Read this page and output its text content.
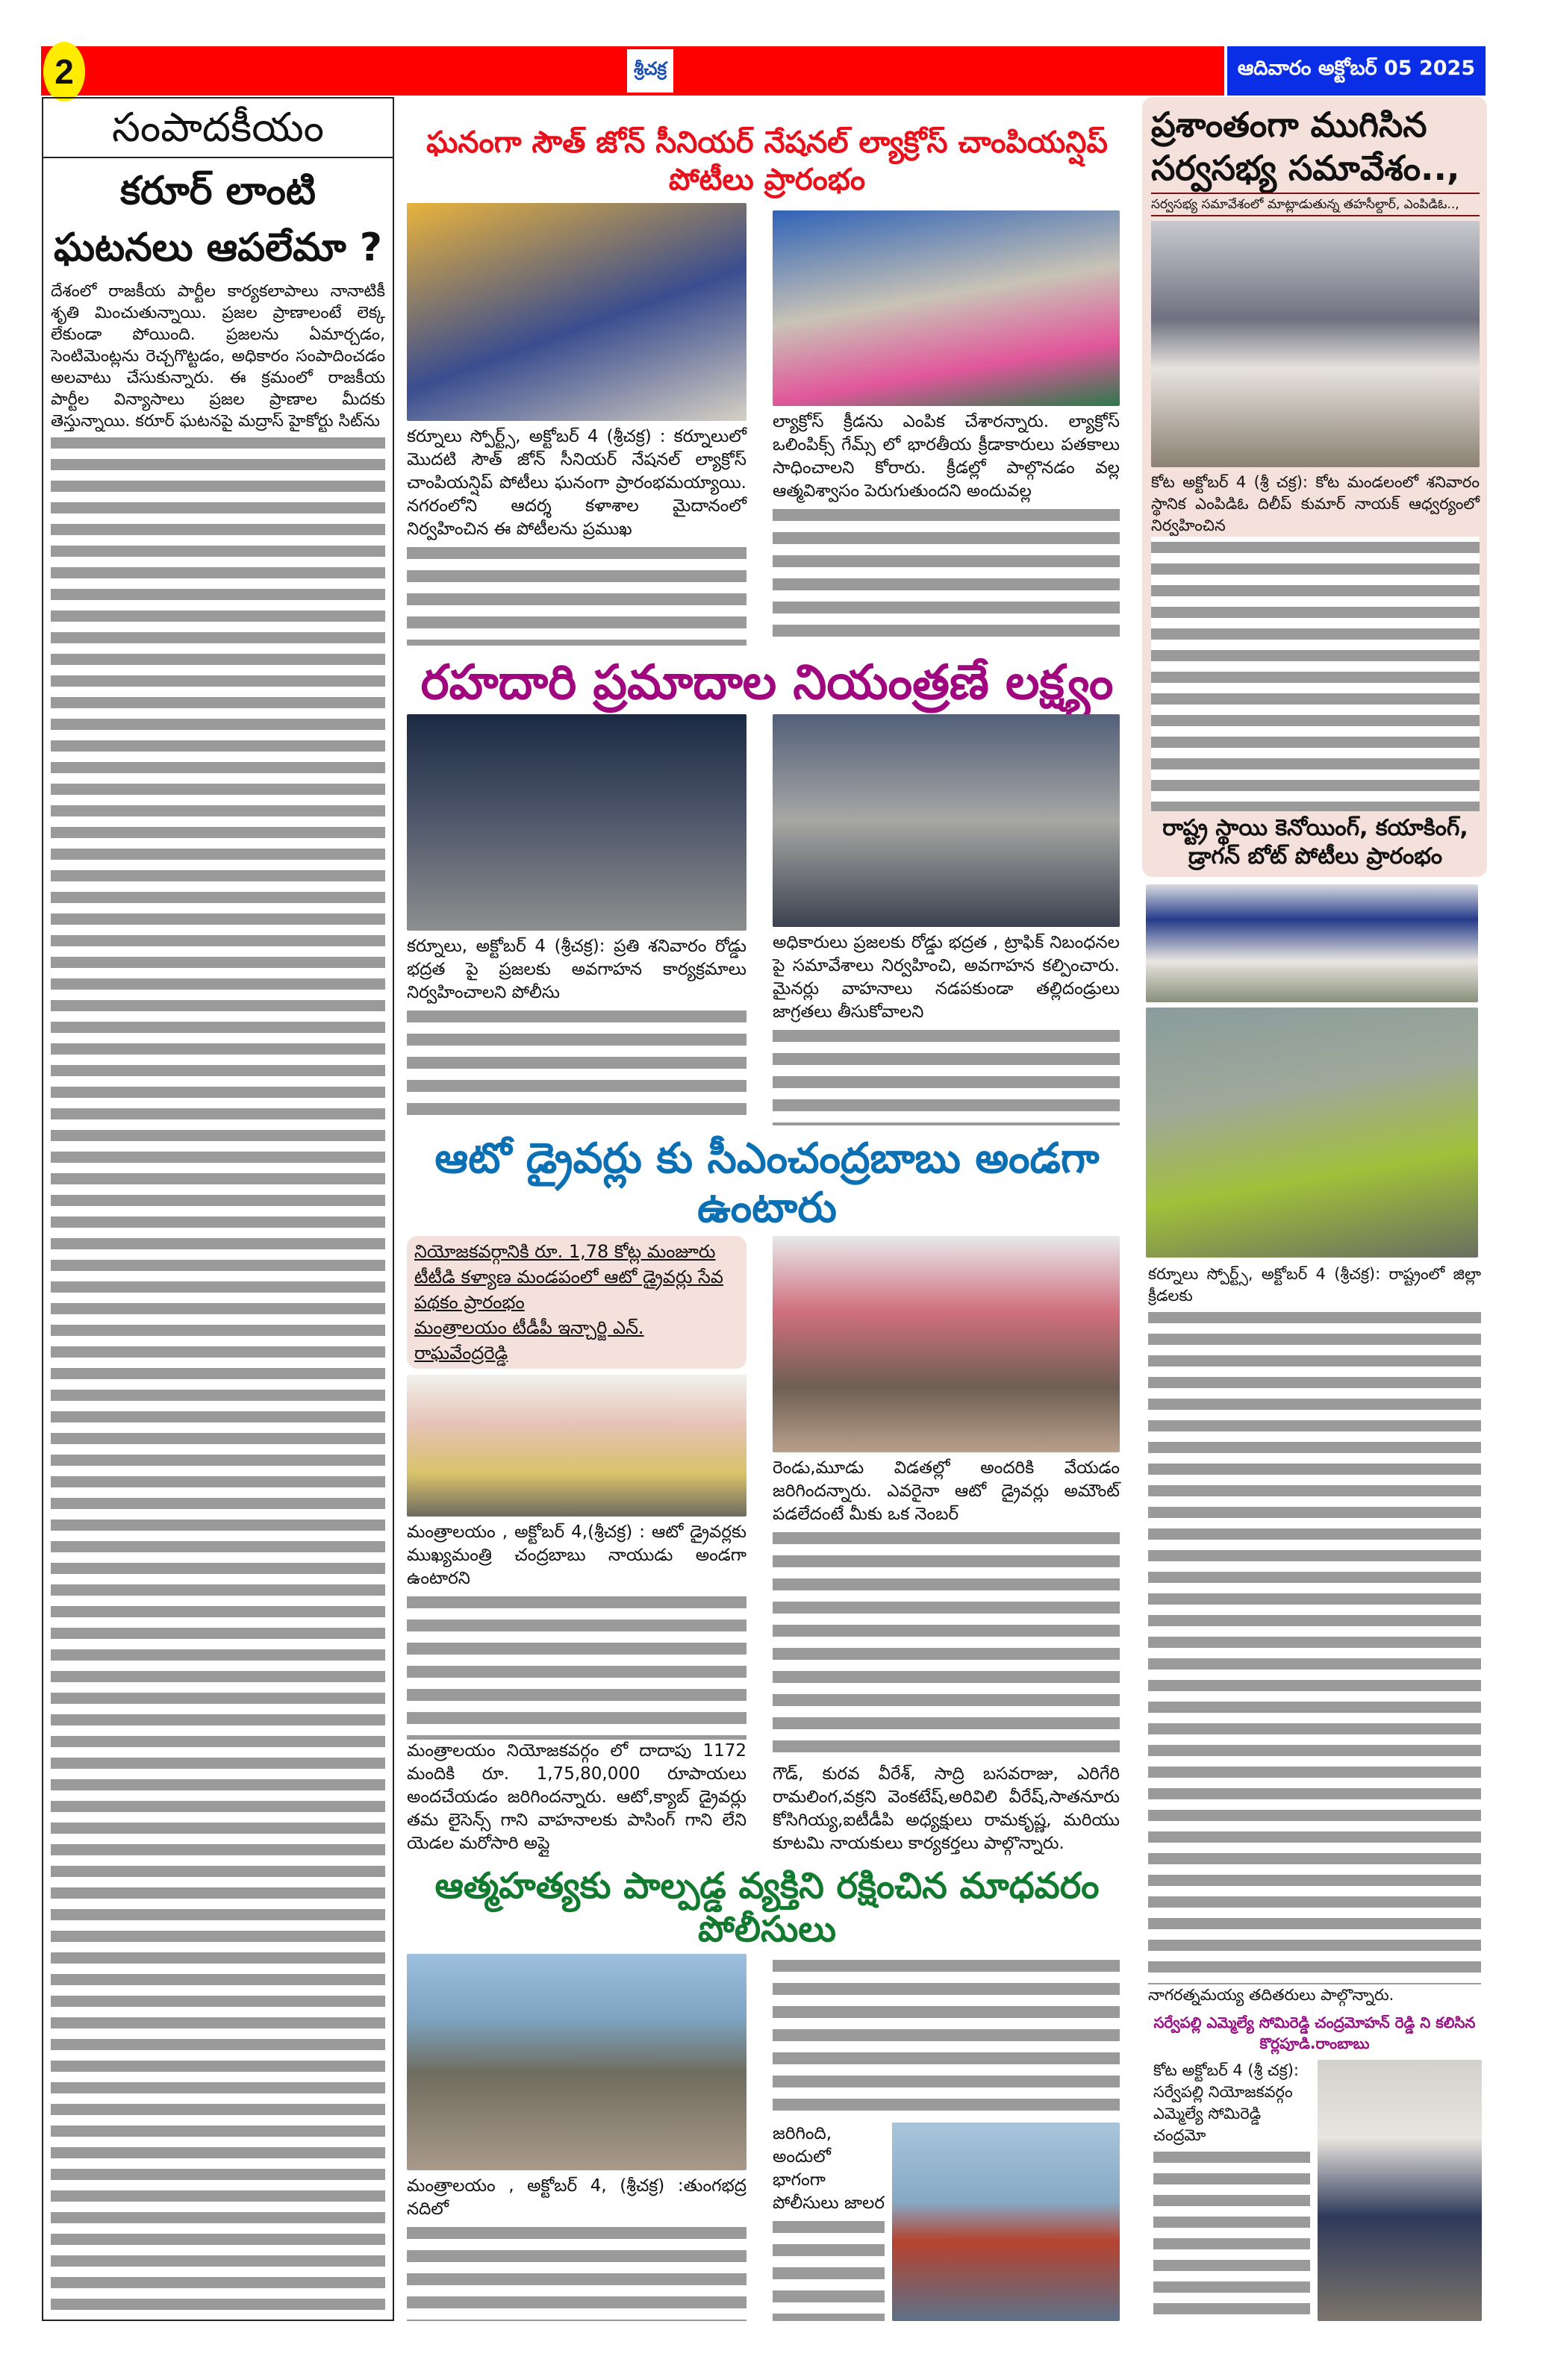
2	శ్రీచక్ర	ఆదివారం అక్టోబర్ 05 2025
సంపాదకీయం
కరూర్ లాంటి ఘటనలు ఆపలేమా ?
దేశంలో రాజకీయ పార్టీల కార్యకలాపాలు నానాటికీ శృతి మించుతున్నాయి. ప్రజల ప్రాణాలంటే లెక్క లేకుండా పోయింది. ప్రజలను ఏమార్చడం, సెంటిమెంట్లను రెచ్చగొట్టడం, అధికారం సంపాదించడం అలవాటు చేసుకున్నారు. ఈ క్రమంలో రాజకీయ పార్టీల విన్యాసాలు ప్రజల ప్రాణాల మీదకు తెస్తున్నాయి. కరూర్ ఘటనపై మద్రాస్ హైకోర్టు సిట్‌ను
ఘనంగా సౌత్ జోన్ సీనియర్ నేషనల్ ల్యాక్రోస్ చాంపియన్షిప్ పోటీలు ప్రారంభం
కర్నూలు స్పోర్ట్స్, అక్టోబర్ 4 (శ్రీచక్ర) : కర్నూలులో మొదటి సౌత్ జోన్ సీనియర్ నేషనల్ ల్యాక్రోస్ చాంపియన్షిప్ పోటీలు ఘనంగా ప్రారంభమయ్యాయి. నగరంలోని ఆదర్శ కళాశాల మైదానంలో నిర్వహించిన ఈ పోటీలను ప్రముఖ
ల్యాక్రోస్ క్రీడను ఎంపిక చేశారన్నారు. ల్యాక్రోస్ ఒలింపిక్స్ గేమ్స్ లో భారతీయ క్రీడాకారులు పతకాలు సాధించాలని కోరారు. క్రీడల్లో పాల్గొనడం వల్ల ఆత్మవిశ్వాసం పెరుగుతుందని అందువల్ల
రహదారి ప్రమాదాల నియంత్రణే లక్ష్యం
కర్నూలు, అక్టోబర్ 4 (శ్రీచక్ర): ప్రతి శనివారం రోడ్డు భద్రత పై ప్రజలకు అవగాహన కార్యక్రమాలు నిర్వహించాలని పోలీసు
అధికారులు ప్రజలకు రోడ్డు భద్రత , ట్రాఫిక్ నిబంధనల పై సమావేశాలు నిర్వహించి, అవగాహన కల్పించారు. మైనర్లు వాహనాలు నడపకుండా తల్లిదండ్రులు జాగ్రతలు తీసుకోవాలని
ఆటో డ్రైవర్లు కు సీఎంచంద్రబాబు అండగా ఉంటారు
నియోజకవర్గానికి రూ. 1,78 కోట్ల మంజూరు
టీటీడి కళ్యాణ మండపంలో ఆటో డ్రైవర్లు సేవ పథకం ప్రారంభం
మంత్రాలయం టీడీపీ ఇన్చార్జి ఎన్. రాఘవేంద్రరెడ్డి
మంత్రాలయం , అక్టోబర్ 4,(శ్రీచక్ర) : ఆటో డ్రైవర్లకు ముఖ్యమంత్రి చంద్రబాబు నాయుడు అండగా ఉంటారని
మంత్రాలయం నియోజకవర్గం లో దాదాపు 1172 మందికి రూ. 1,75,80,000 రూపాయలు అందచేయడం జరిగిందన్నారు. ఆటో,క్యాబ్ డ్రైవర్లు తమ లైసెన్స్ గాని వాహనాలకు పాసింగ్ గాని లేని యెడల మరోసారి అప్లై
రెండు,మూడు విడతల్లో అందరికి వేయడం జరిగిందన్నారు. ఎవరైనా ఆటో డ్రైవర్లు అమౌంట్ పడలేదంటే మీకు ఒక నెంబర్
గౌడ్, కురవ వీరేశ్, సాద్రి బసవరాజు, ఎరిగేరి రామలింగ,వక్రని వెంకటేష్,అరివిలి వీరేష్,సాతనూరు కోసిగియ్య,ఐటీడీపి అధ్యక్షులు రామకృష్ణ, మరియు కూటమి నాయకులు కార్యకర్తలు పాల్గొన్నారు.
ఆత్మహత్యకు పాల్పడ్డ వ్యక్తిని రక్షించిన మాధవరం పోలీసులు
మంత్రాలయం , అక్టోబర్ 4, (శ్రీచక్ర) :తుంగభద్ర నదిలో
జరిగింది, అందులో భాగంగా పోలీసులు జాలర
ప్రశాంతంగా ముగిసిన సర్వసభ్య సమావేశం..,
సర్వసభ్య సమావేశంలో మాట్లాడుతున్న తహసీల్దార్, ఎంపిడిఓ..,
కోట అక్టోబర్ 4 (శ్రీ చక్ర): కోట మండలంలో శనివారం స్థానిక ఎంపిడిఓ దిలీప్ కుమార్ నాయక్ ఆధ్వర్యంలో నిర్వహించిన
రాష్ట్ర స్థాయి కెనోయింగ్, కయాకింగ్, డ్రాగన్ బోట్ పోటీలు ప్రారంభం
కర్నూలు స్పోర్ట్స్, అక్టోబర్ 4 (శ్రీచక్ర): రాష్ట్రంలో జిల్లా క్రీడలకు
నాగరత్నమయ్య తదితరులు పాల్గొన్నారు.
సర్వేపల్లి ఎమ్మెల్యే సోమిరెడ్డి చంద్రమోహన్ రెడ్డి ని కలిసిన కొర్లపూడి.రాంబాబు
కోట అక్టోబర్ 4 (శ్రీ చక్ర): సర్వేపల్లి నియోజకవర్గం ఎమ్మెల్యే సోమిరెడ్డి చంద్రమో
